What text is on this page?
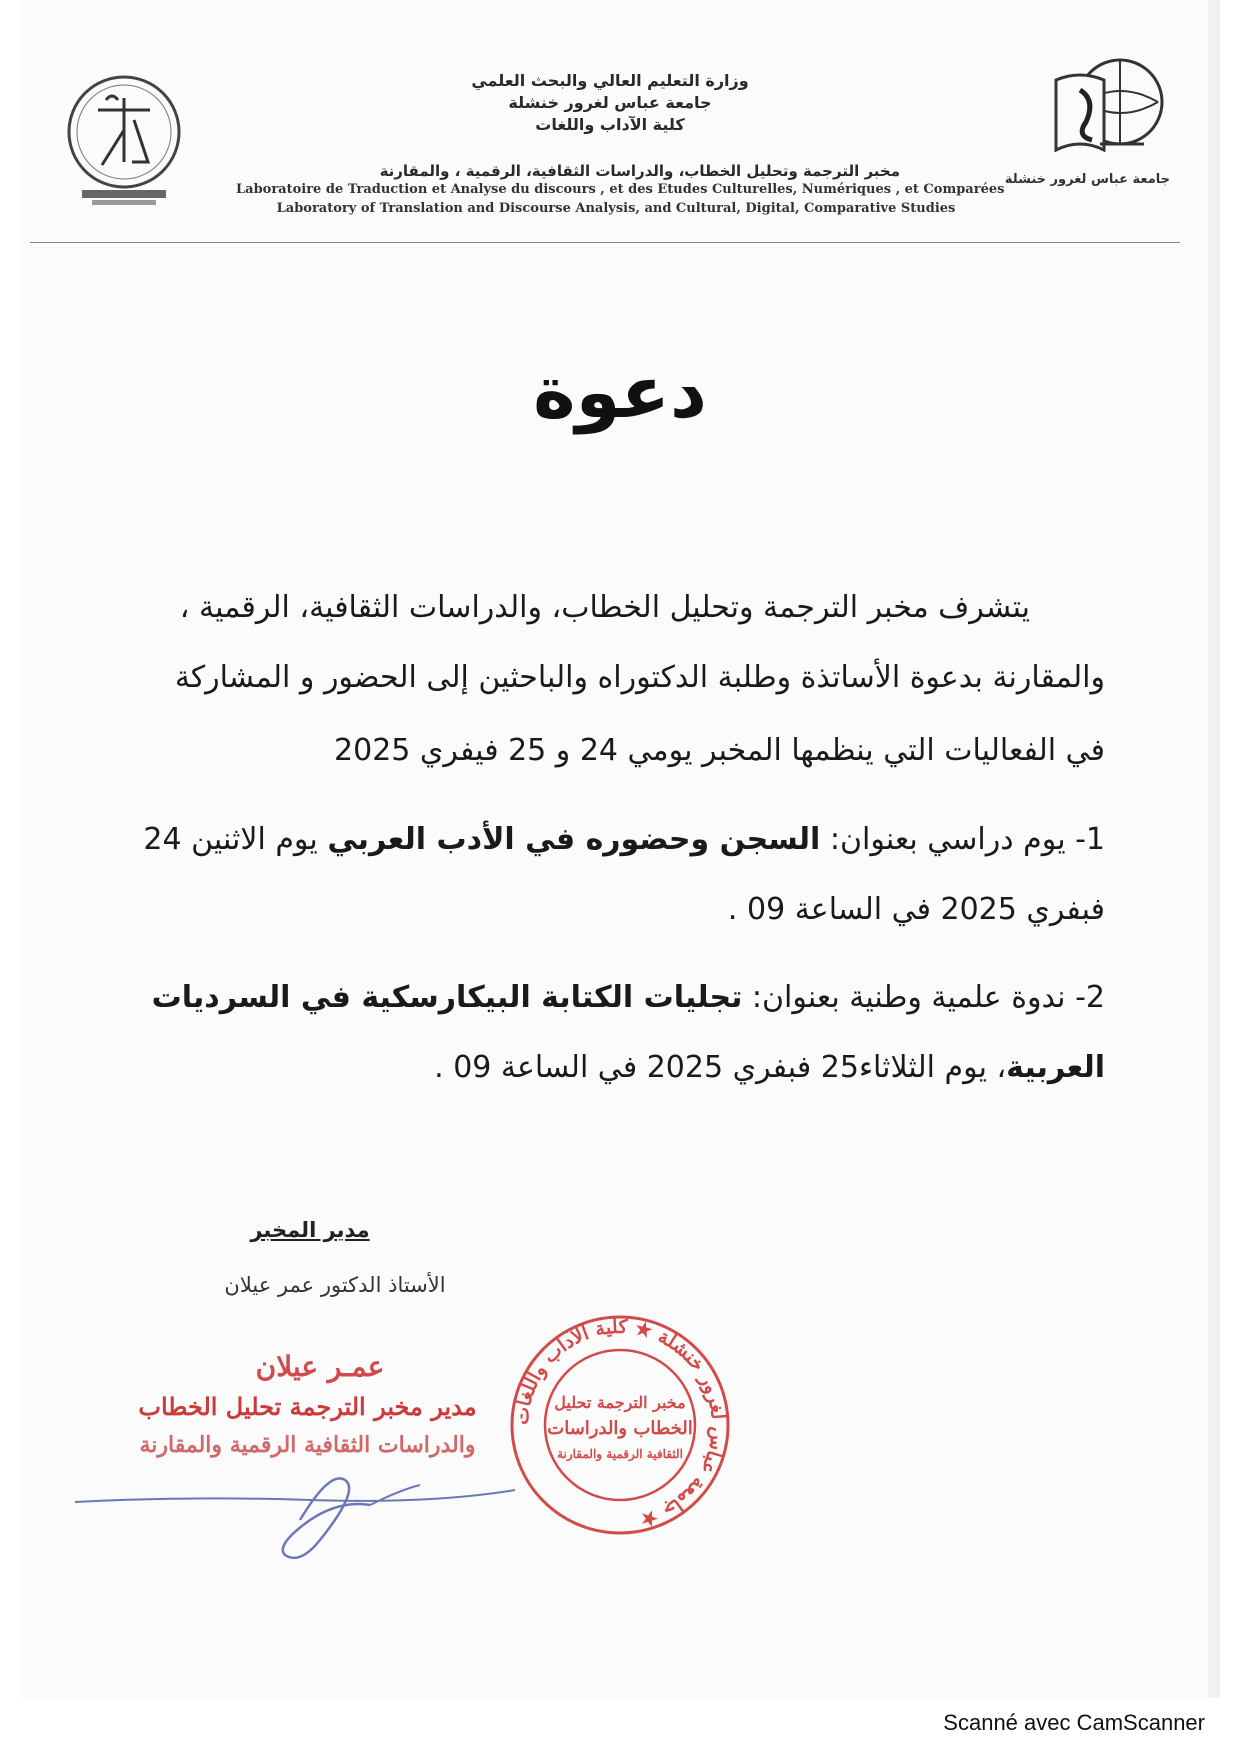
جامعة عباس لغرور خنشلة
وزارة التعليم العالي والبحث العلمي
جامعة عباس لغرور خنشلة
كلية الآداب واللغات
مخبر الترجمة وتحليل الخطاب، والدراسات الثقافية، الرقمية ، والمقارنة
Laboratoire de Traduction et Analyse du discours , et des Etudes Culturelles, Numériques , et Comparées
Laboratory of Translation and Discourse Analysis, and Cultural, Digital, Comparative Studies
دعوة
يتشرف مخبر الترجمة وتحليل الخطاب، والدراسات الثقافية، الرقمية ،
والمقارنة بدعوة الأساتذة وطلبة الدكتوراه والباحثين إلى الحضور و المشاركة
في الفعاليات التي ينظمها المخبر يومي 24 و 25 فيفري 2025
1- يوم دراسي بعنوان: السجن وحضوره في الأدب العربي يوم الاثنين 24
فبفري 2025 في الساعة 09 .
2- ندوة علمية وطنية بعنوان: تجليات الكتابة البيكارسكية في السرديات
العربية، يوم الثلاثاء25 فبفري 2025 في الساعة 09 .
مدير المخبر
الأستاذ الدكتور عمر عيلان
عمـر عيلان
مدير مخبر الترجمة تحليل الخطاب
والدراسات الثقافية الرقمية والمقارنة
جامعة عباس لغرور خنشلة ★ كلية الآداب واللغات ★
مخبر الترجمة تحليل
الخطاب والدراسات
الثقافية الرقمية والمقارنة
Scanné avec CamScanner
